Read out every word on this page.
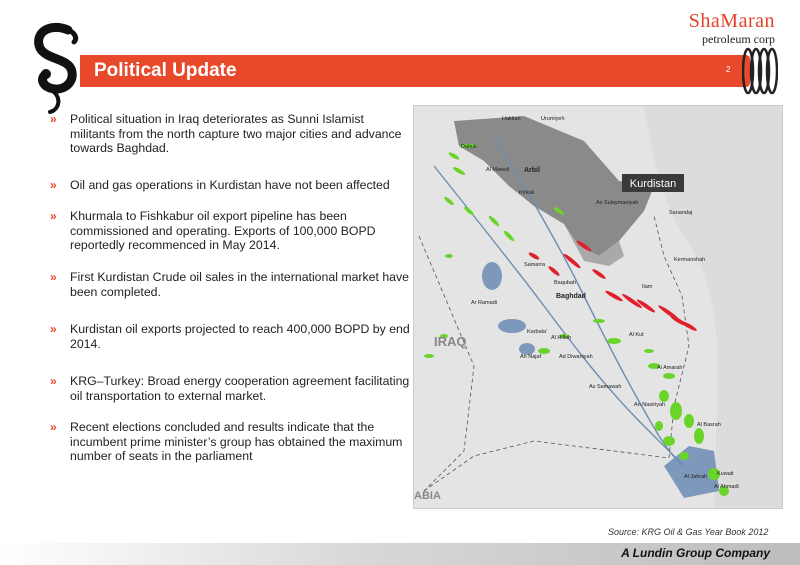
Political Update	2
ShaMaran
petroleum corp
»	Political situation in Iraq deteriorates as Sunni Islamist militants from the north capture two major cities and advance towards Baghdad.
»	Oil and gas operations in Kurdistan have not been affected
»	Khurmala to Fishkabur oil export pipeline has been commissioned and operating. Exports of 100,000 BOPD reportedly recommenced in May 2014.
»	First Kurdistan Crude oil sales in the international market have been completed.
»	Kurdistan oil exports projected to reach 400,000 BOPD by end 2014.
»	KRG–Turkey: Broad energy cooperation agreement facilitating oil transportation to external market.
»	Recent elections concluded and results indicate that the incumbent prime minister’s group has obtained the maximum number of seats in the parliament
Kurdistan
IRAQ
ABIA
Hakkari	Urumiyeh
Dahuk
Al Mawsil Arbil
Kirkuk
As Sulaymaniyah
Sanandaj
Samarra
Kermanshah
Baqubah
Baghdad
Ilam
Ar Ramadi
Karbala'
Al Hillah	Al Kut
An Najaf	Ad Diwaniyah
Al Amarah
As Samawah
An Nasiriyah
Al Basrah
Al Jahrah Kuwait
Al Ahmadi
Source: KRG Oil & Gas Year Book 2012
A Lundin Group Company
